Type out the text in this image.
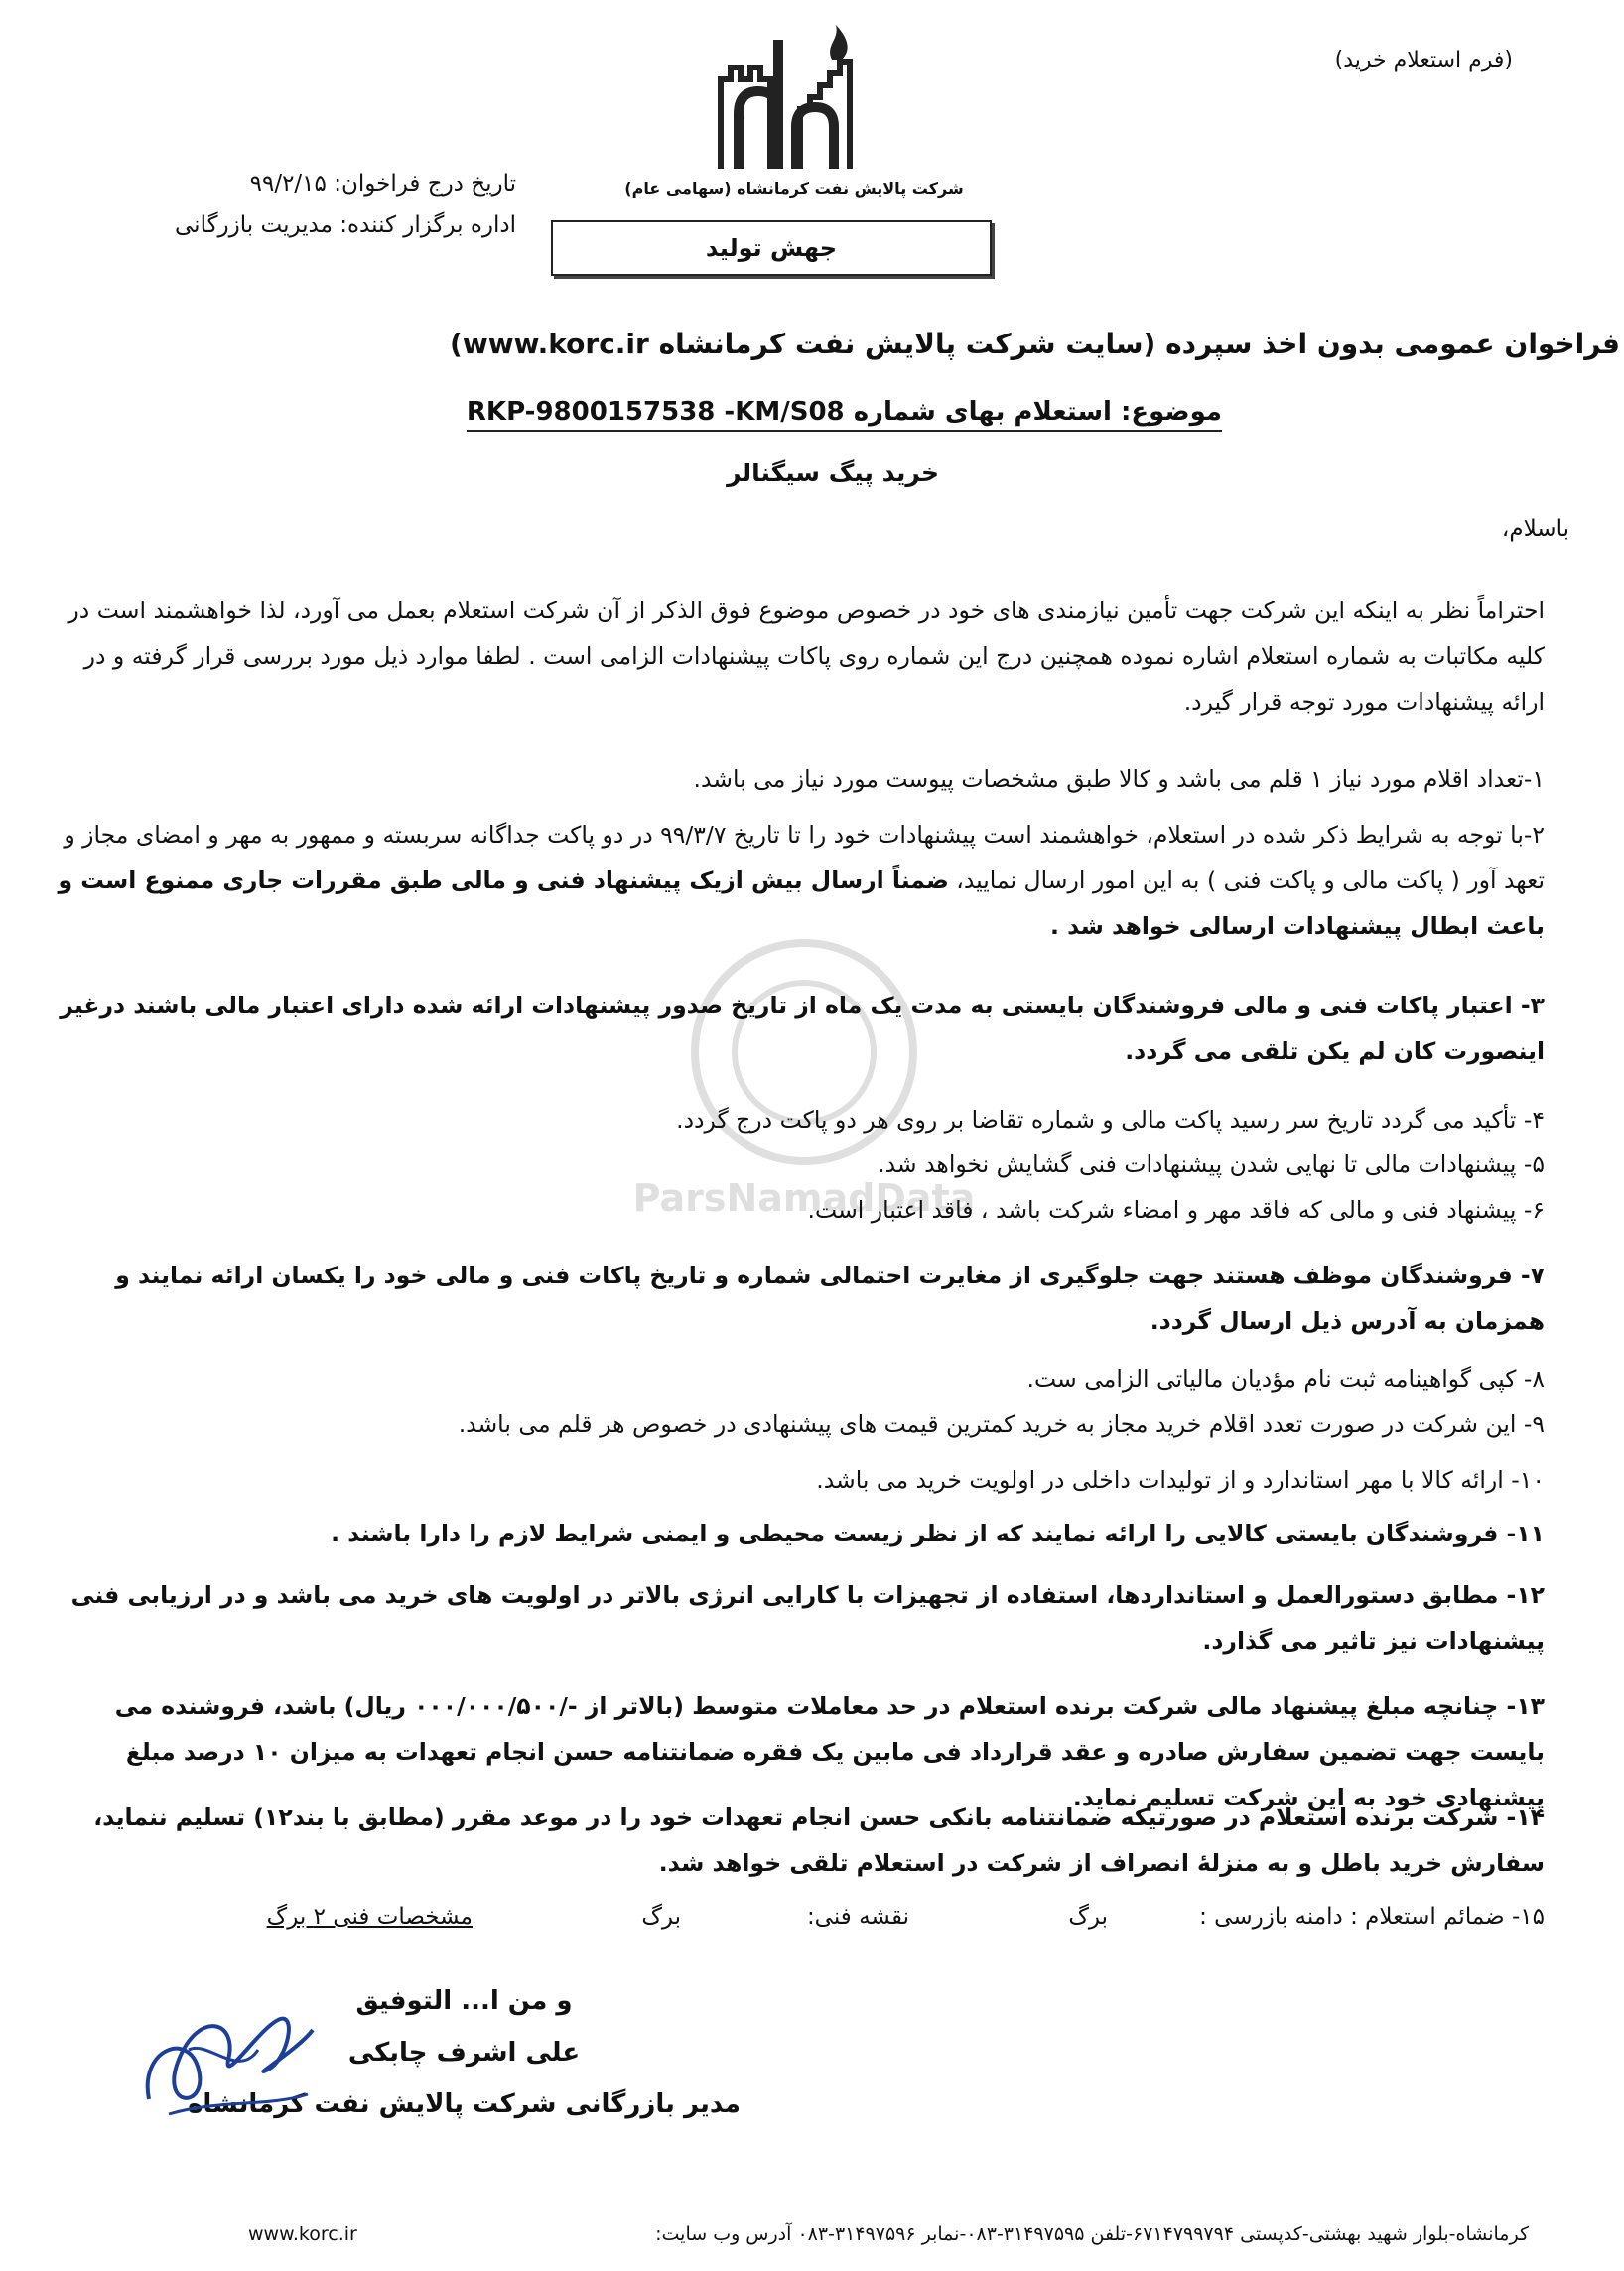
(فرم استعلام خرید)
تاریخ درج فراخوان: ۹۹/۲/۱۵
اداره برگزار کننده: مدیریت بازرگانی
شرکت پالایش نفت کرمانشاه (سهامی عام)
جهش تولید
فراخوان عمومی بدون اخذ سپرده (سایت شرکت پالایش نفت کرمانشاه www.korc.ir)
موضوع: استعلام بهای شماره RKP-9800157538 -KM/S08
خرید پیگ سیگنالر
باسلام،
ParsNamadData
احتراماً نظر به اینکه این شرکت جهت تأمین نیازمندی های خود در خصوص موضوع فوق الذکر از آن شرکت استعلام بعمل می آورد، لذا خواهشمند است در کلیه مکاتبات به شماره استعلام اشاره نموده همچنین درج این شماره روی پاکات پیشنهادات الزامی است . لطفا موارد ذیل مورد بررسی قرار گرفته و در ارائه پیشنهادات مورد توجه قرار گیرد.
۱-تعداد اقلام مورد نیاز ۱ قلم می باشد و کالا طبق مشخصات پیوست مورد نیاز می باشد.
۲-با توجه به شرایط ذکر شده در استعلام، خواهشمند است پیشنهادات خود را تا تاریخ ۹۹/۳/۷ در دو پاکت جداگانه سربسته و ممهور به مهر و امضای مجاز و تعهد آور ( پاکت مالی و پاکت فنی ) به این امور ارسال نمایید، ضمناً ارسال بیش ازیک پیشنهاد فنی و مالی طبق مقررات جاری ممنوع است و باعث ابطال پیشنهادات ارسالی خواهد شد .
۳- اعتبار پاکات فنی و مالی فروشندگان بایستی به مدت یک ماه از تاریخ صدور پیشنهادات ارائه شده دارای اعتبار مالی باشند درغیر اینصورت کان لم یکن تلقی می گردد.
۴- تأکید می گردد تاریخ سر رسید پاکت مالی و شماره تقاضا بر روی هر دو پاکت درج گردد.
۵- پیشنهادات مالی تا نهایی شدن پیشنهادات فنی گشایش نخواهد شد.
۶- پیشنهاد فنی و مالی که فاقد مهر و امضاء شرکت باشد ، فاقد اعتبار است.
۷- فروشندگان موظف هستند جهت جلوگیری از مغایرت احتمالی شماره و تاریخ پاکات فنی و مالی خود را یکسان ارائه نمایند و همزمان به آدرس ذیل ارسال گردد.
۸- کپی گواهینامه ثبت نام مؤدیان مالیاتی الزامی ست.
۹- این شرکت در صورت تعدد اقلام خرید مجاز به خرید کمترین قیمت های پیشنهادی در خصوص هر قلم می باشد.
۱۰- ارائه کالا با مهر استاندارد و از تولیدات داخلی در اولویت خرید می باشد.
۱۱- فروشندگان بایستی کالایی را ارائه نمایند که از نظر زیست محیطی و ایمنی شرایط لازم را دارا باشند .
۱۲- مطابق دستورالعمل و استانداردها، استفاده از تجهیزات با کارایی انرژی بالاتر در اولویت های خرید می باشد و در ارزیابی فنی پیشنهادات نیز تاثیر می گذارد.
۱۳- چنانچه مبلغ پیشنهاد مالی شرکت برنده استعلام در حد معاملات متوسط (بالاتر از -/۰۰۰/۰۰۰/۵۰۰ ریال) باشد، فروشنده می بایست جهت تضمین سفارش صادره و عقد قرارداد فی مابین یک فقره ضمانتنامه حسن انجام تعهدات به میزان ۱۰ درصد مبلغ پیشنهادی خود به این شرکت تسلیم نماید.
۱۴- شرکت برنده استعلام در صورتیکه ضمانتنامه بانکی حسن انجام تعهدات خود را در موعد مقرر (مطابق با بند۱۲) تسلیم ننماید، سفارش خرید باطل و به منزلهٔ انصراف از شرکت در استعلام تلقی خواهد شد.
۱۵- ضمائم استعلام : دامنه بازرسی :
برگ
نقشه فنی:
برگ
مشخصات فنی ۲ برگ
و من ا... التوفیق
علی اشرف چابکی
مدیر بازرگانی شرکت پالایش نفت کرمانشاه
کرمانشاه-بلوار شهید بهشتی-کدپستی ۶۷۱۴۷۹۹۷۹۴-تلفن ۳۱۴۹۷۵۹۵-۰۸۳-نمابر ۳۱۴۹۷۵۹۶-۰۸۳ آدرس وب سایت:
www.korc.ir
